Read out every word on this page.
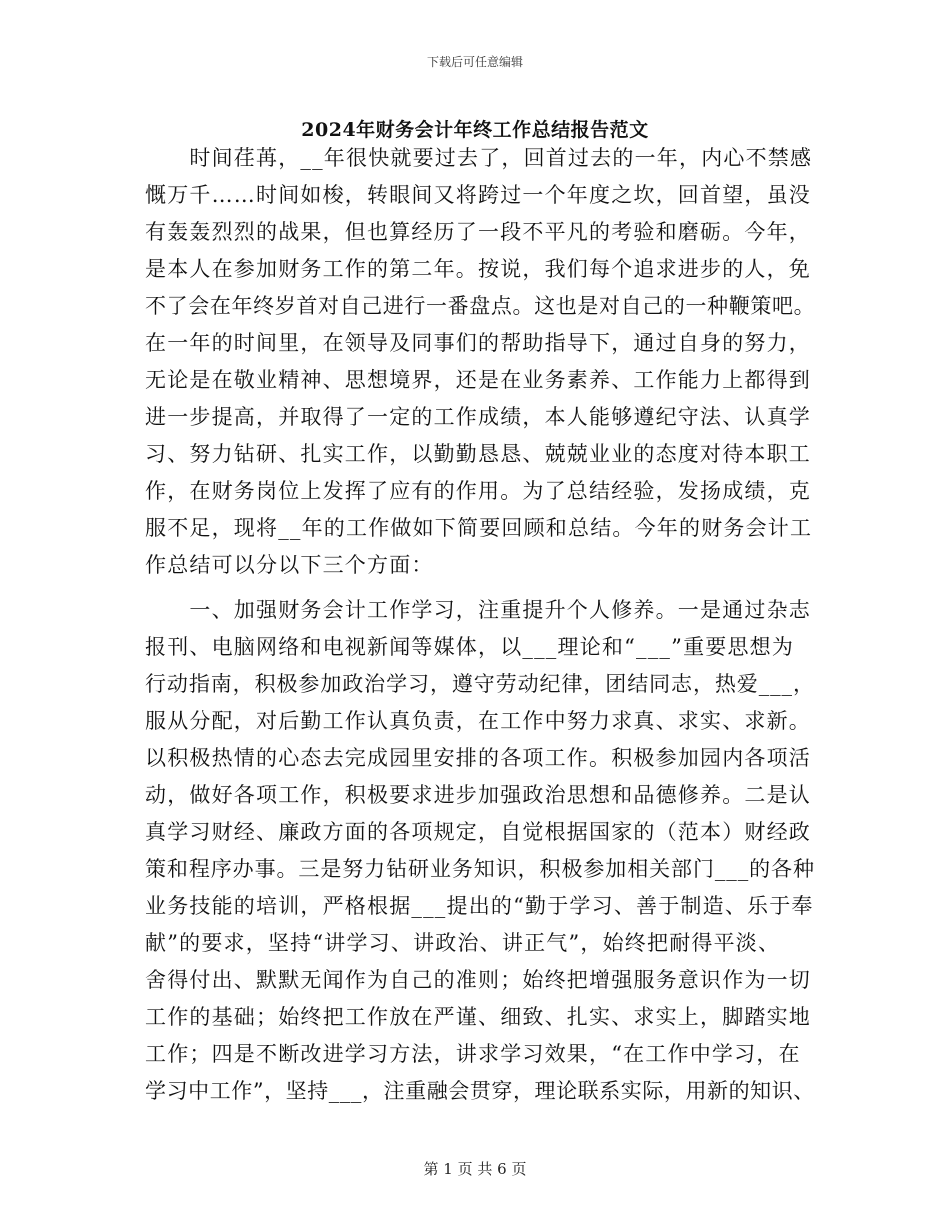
下载后可任意编辑
2024年财务会计年终工作总结报告范文
　　时间荏苒，__年很快就要过去了，回首过去的一年，内心不禁感
慨万千……时间如梭，转眼间又将跨过一个年度之坎，回首望，虽没
有轰轰烈烈的战果，但也算经历了一段不平凡的考验和磨砺。今年，
是本人在参加财务工作的第二年。按说，我们每个追求进步的人，免
不了会在年终岁首对自己进行一番盘点。这也是对自己的一种鞭策吧。
在一年的时间里，在领导及同事们的帮助指导下，通过自身的努力，
无论是在敬业精神、思想境界，还是在业务素养、工作能力上都得到
进一步提高，并取得了一定的工作成绩，本人能够遵纪守法、认真学
习、努力钻研、扎实工作，以勤勤恳恳、兢兢业业的态度对待本职工
作，在财务岗位上发挥了应有的作用。为了总结经验，发扬成绩，克
服不足，现将__年的工作做如下简要回顾和总结。今年的财务会计工
作总结可以分以下三个方面：
　　一、加强财务会计工作学习，注重提升个人修养。一是通过杂志
报刊、电脑网络和电视新闻等媒体，以___理论和“___”重要思想为
行动指南，积极参加政治学习，遵守劳动纪律，团结同志，热爱___，
服从分配，对后勤工作认真负责，在工作中努力求真、求实、求新。
以积极热情的心态去完成园里安排的各项工作。积极参加园内各项活
动，做好各项工作，积极要求进步加强政治思想和品德修养。二是认
真学习财经、廉政方面的各项规定，自觉根据国家的（范本）财经政
策和程序办事。三是努力钻研业务知识，积极参加相关部门___的各种
业务技能的培训，严格根据___提出的“勤于学习、善于制造、乐于奉
献”的要求，坚持“讲学习、讲政治、讲正气”，始终把耐得平淡、
舍得付出、默默无闻作为自己的准则；始终把增强服务意识作为一切
工作的基础；始终把工作放在严谨、细致、扎实、求实上，脚踏实地
工作；四是不断改进学习方法，讲求学习效果，“在工作中学习，在
学习中工作”，坚持___，注重融会贯穿，理论联系实际，用新的知识、
第 1 页 共 6 页
